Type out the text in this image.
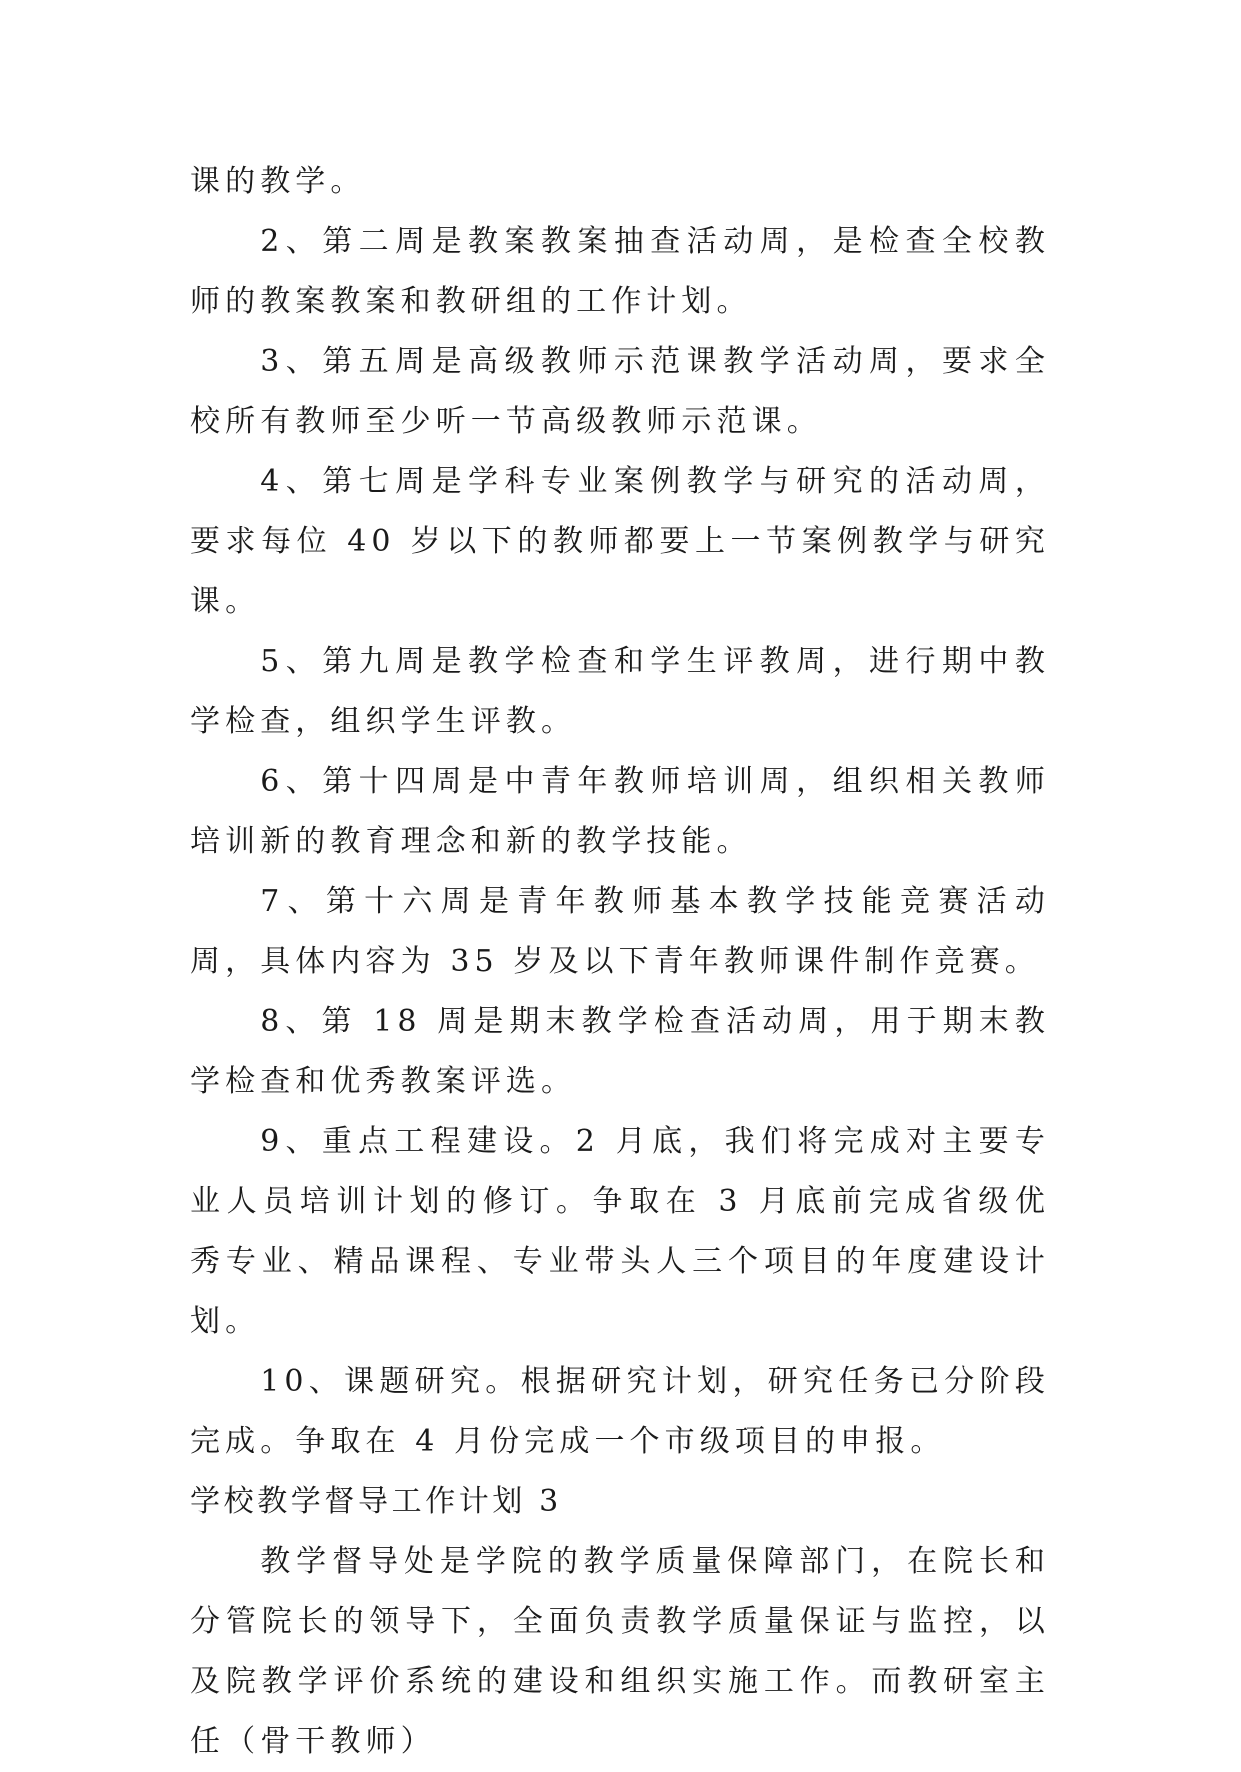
课的教学。

2、第二周是教案教案抽查活动周，是检查全校教师的教案教案和教研组的工作计划。

3、第五周是高级教师示范课教学活动周，要求全校所有教师至少听一节高级教师示范课。

4、第七周是学科专业案例教学与研究的活动周，要求每位 40 岁以下的教师都要上一节案例教学与研究课。

5、第九周是教学检查和学生评教周，进行期中教学检查，组织学生评教。

6、第十四周是中青年教师培训周，组织相关教师培训新的教育理念和新的教学技能。

7、第十六周是青年教师基本教学技能竞赛活动周，具体内容为 35 岁及以下青年教师课件制作竞赛。

8、第 18 周是期末教学检查活动周，用于期末教学检查和优秀教案评选。

9、重点工程建设。2 月底，我们将完成对主要专业人员培训计划的修订。争取在 3 月底前完成省级优秀专业、精品课程、专业带头人三个项目的年度建设计划。

10、课题研究。根据研究计划，研究任务已分阶段完成。争取在 4 月份完成一个市级项目的申报。

学校教学督导工作计划 3

教学督导处是学院的教学质量保障部门，在院长和分管院长的领导下，全面负责教学质量保证与监控，以及院教学评价系统的建设和组织实施工作。而教研室主任（骨干教师）
